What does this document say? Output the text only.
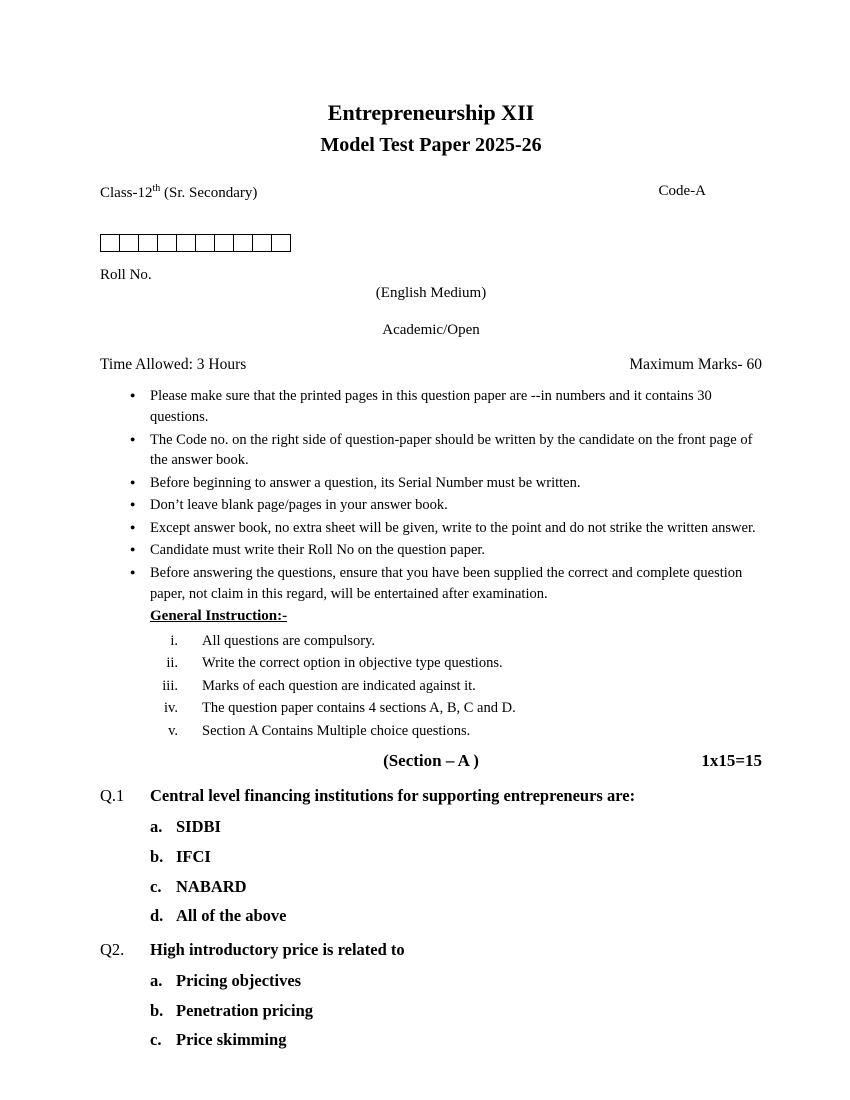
Entrepreneurship XII
Model Test Paper 2025-26
Class-12th (Sr. Secondary)	Code-A
Roll No.
(English Medium)
Academic/Open
Time Allowed: 3 Hours	Maximum Marks- 60
● Please make sure that the printed pages in this question paper are --in numbers and it contains 30 questions.
● The Code no. on the right side of question-paper should be written by the candidate on the front page of the answer book.
● Before beginning to answer a question, its Serial Number must be written.
● Don’t leave blank page/pages in your answer book.
● Except answer book, no extra sheet will be given, write to the point and do not strike the written answer.
● Candidate must write their Roll No on the question paper.
● Before answering the questions, ensure that you have been supplied the correct and complete question paper, not claim in this regard, will be entertained after examination.
General Instruction:-
i.	All questions are compulsory.
ii.	Write the correct option in objective type questions.
iii.	Marks of each question are indicated against it.
iv.	The question paper contains 4 sections A, B, C and D.
v.	Section A Contains Multiple choice questions.
(Section – A )	1x15=15
Q.1	Central level financing institutions for supporting entrepreneurs are:
a. SIDBI
b. IFCI
c. NABARD
d. All of the above
Q2.	High introductory price is related to
a. Pricing objectives
b. Penetration pricing
c. Price skimming
